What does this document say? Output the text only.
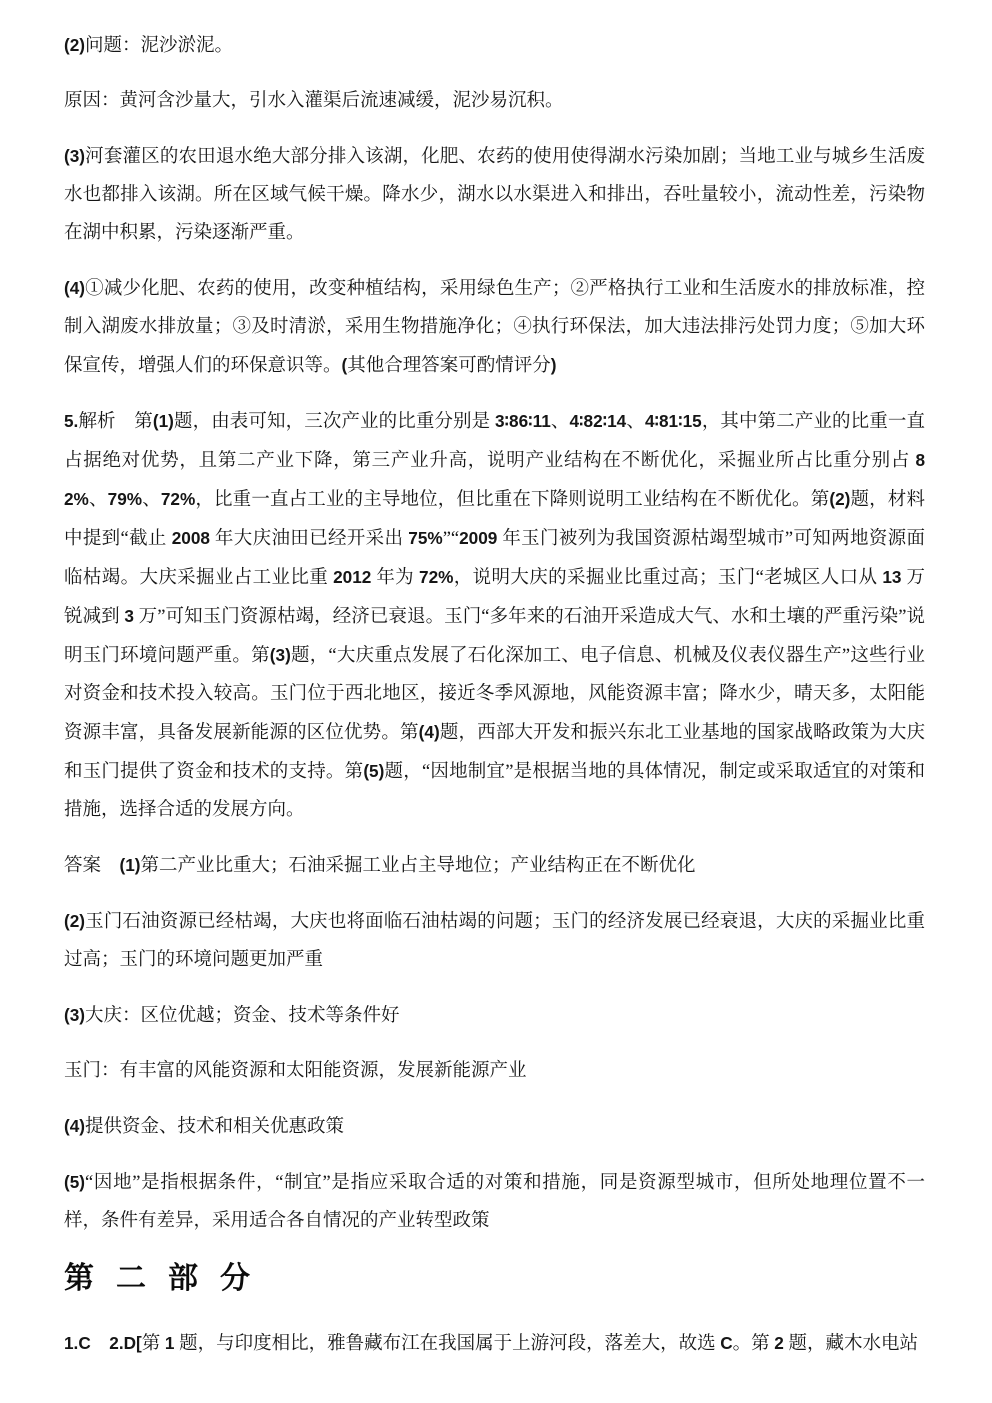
(2)问题：泥沙淤泥。

原因：黄河含沙量大，引水入灌渠后流速减缓，泥沙易沉积。

(3)河套灌区的农田退水绝大部分排入该湖，化肥、农药的使用使得湖水污染加剧；当地工业与城乡生活废水也都排入该湖。所在区域气候干燥。降水少，湖水以水渠进入和排出，吞吐量较小，流动性差，污染物在湖中积累，污染逐渐严重。

(4)①减少化肥、农药的使用，改变种植结构，采用绿色生产；②严格执行工业和生活废水的排放标准，控制入湖废水排放量；③及时清淤，采用生物措施净化；④执行环保法，加大违法排污处罚力度；⑤加大环保宣传，增强人们的环保意识等。(其他合理答案可酌情评分)

5.解析　第(1)题，由表可知，三次产业的比重分别是 3∶86∶11、4∶82∶14、4∶81∶15，其中第二产业的比重一直占据绝对优势，且第二产业下降，第三产业升高，说明产业结构在不断优化，采掘业所占比重分别占 82%、79%、72%，比重一直占工业的主导地位，但比重在下降则说明工业结构在不断优化。第(2)题，材料中提到“截止 2008 年大庆油田已经开采出 75%”“2009 年玉门被列为我国资源枯竭型城市”可知两地资源面临枯竭。大庆采掘业占工业比重 2012 年为 72%，说明大庆的采掘业比重过高；玉门“老城区人口从 13 万锐减到 3 万”可知玉门资源枯竭，经济已衰退。玉门“多年来的石油开采造成大气、水和土壤的严重污染”说明玉门环境问题严重。第(3)题，“大庆重点发展了石化深加工、电子信息、机械及仪表仪器生产”这些行业对资金和技术投入较高。玉门位于西北地区，接近冬季风源地，风能资源丰富；降水少，晴天多，太阳能资源丰富，具备发展新能源的区位优势。第(4)题，西部大开发和振兴东北工业基地的国家战略政策为大庆和玉门提供了资金和技术的支持。第(5)题，“因地制宜”是根据当地的具体情况，制定或采取适宜的对策和措施，选择合适的发展方向。

答案　(1)第二产业比重大；石油采掘工业占主导地位；产业结构正在不断优化

(2)玉门石油资源已经枯竭，大庆也将面临石油枯竭的问题；玉门的经济发展已经衰退，大庆的采掘业比重过高；玉门的环境问题更加严重

(3)大庆：区位优越；资金、技术等条件好

玉门：有丰富的风能资源和太阳能资源，发展新能源产业

(4)提供资金、技术和相关优惠政策

(5)“因地”是指根据条件，“制宜”是指应采取合适的对策和措施，同是资源型城市，但所处地理位置不一样，条件有差异，采用适合各自情况的产业转型政策

第二部分

1.C　 2.D[第 1 题，与印度相比，雅鲁藏布江在我国属于上游河段，落差大，故选 C。第 2 题，藏木水电站
